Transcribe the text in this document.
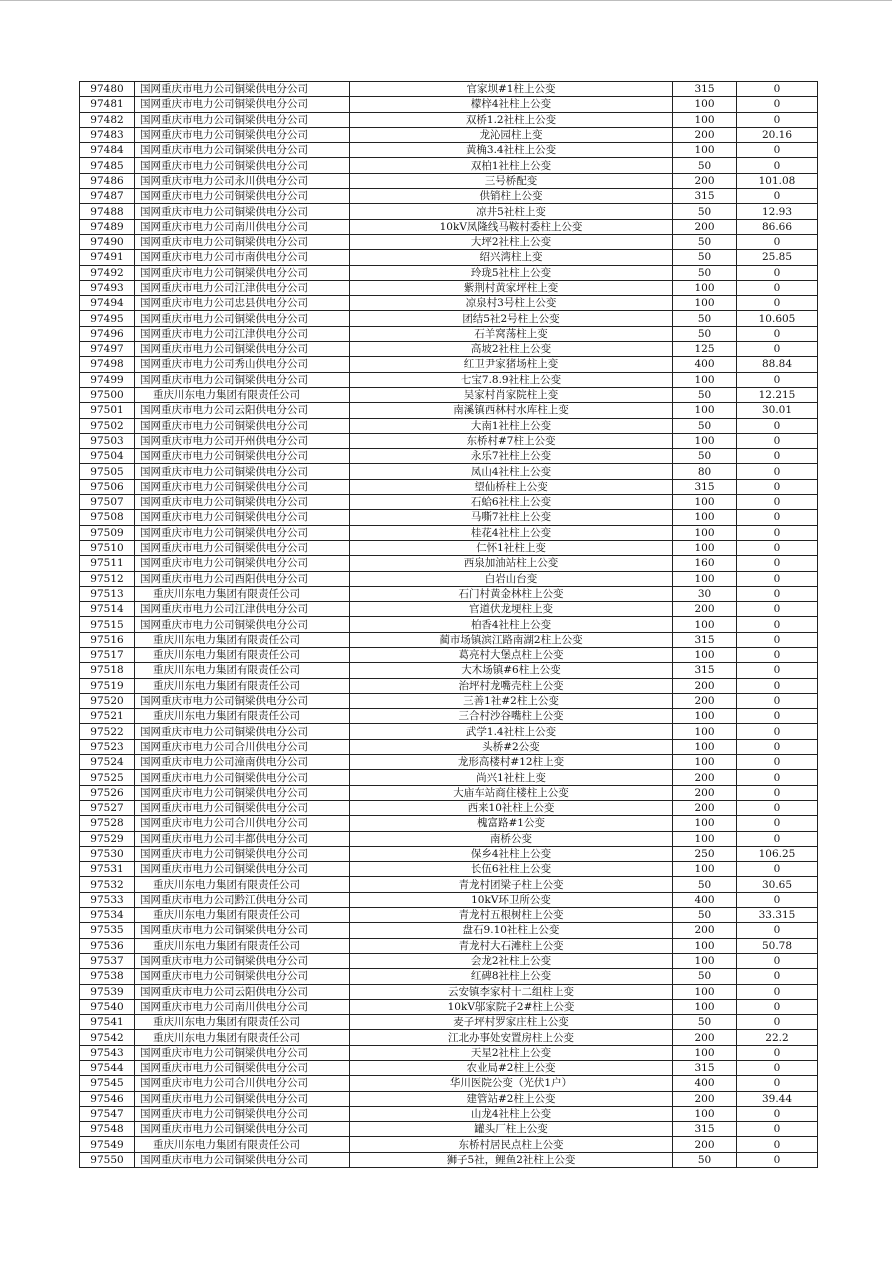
97480	国网重庆市电力公司铜梁供电分公司	官家坝#1柱上公变	315	0
97481	国网重庆市电力公司铜梁供电分公司	檬梓4社柱上公变	100	0
97482	国网重庆市电力公司铜梁供电分公司	双桥1.2社柱上公变	100	0
97483	国网重庆市电力公司铜梁供电分公司	龙沁园柱上变	200	20.16
97484	国网重庆市电力公司铜梁供电分公司	黄桷3.4社柱上公变	100	0
97485	国网重庆市电力公司铜梁供电分公司	双柏1社柱上公变	50	0
97486	国网重庆市电力公司永川供电分公司	三号桥配变	200	101.08
97487	国网重庆市电力公司铜梁供电分公司	供销柱上公变	315	0
97488	国网重庆市电力公司铜梁供电分公司	凉井5社柱上变	50	12.93
97489	国网重庆市电力公司南川供电分公司	10kV凤隆线马鞍村委柱上公变	200	86.66
97490	国网重庆市电力公司铜梁供电分公司	大坪2社柱上公变	50	0
97491	国网重庆市电力公司市南供电分公司	绍兴湾柱上变	50	25.85
97492	国网重庆市电力公司铜梁供电分公司	玲珑5社柱上公变	50	0
97493	国网重庆市电力公司江津供电分公司	紫荆村黄家坪柱上变	100	0
97494	国网重庆市电力公司忠县供电分公司	凉泉村3号柱上公变	100	0
97495	国网重庆市电力公司铜梁供电分公司	团结5社2号柱上公变	50	10.605
97496	国网重庆市电力公司江津供电分公司	石羊窝荡柱上变	50	0
97497	国网重庆市电力公司铜梁供电分公司	高坡2社柱上公变	125	0
97498	国网重庆市电力公司秀山供电分公司	红卫尹家猪场柱上变	400	88.84
97499	国网重庆市电力公司铜梁供电分公司	七宝7.8.9社柱上公变	100	0
97500	重庆川东电力集团有限责任公司	吴家村肖家院柱上变	50	12.215
97501	国网重庆市电力公司云阳供电分公司	南溪镇西林村水库柱上变	100	30.01
97502	国网重庆市电力公司铜梁供电分公司	大南1社柱上公变	50	0
97503	国网重庆市电力公司开州供电分公司	东桥村#7柱上公变	100	0
97504	国网重庆市电力公司铜梁供电分公司	永乐7社柱上公变	50	0
97505	国网重庆市电力公司铜梁供电分公司	凤山4社柱上公变	80	0
97506	国网重庆市电力公司铜梁供电分公司	望仙桥柱上公变	315	0
97507	国网重庆市电力公司铜梁供电分公司	石蛤6社柱上公变	100	0
97508	国网重庆市电力公司铜梁供电分公司	马嘶7社柱上公变	100	0
97509	国网重庆市电力公司铜梁供电分公司	桂花4社柱上公变	100	0
97510	国网重庆市电力公司铜梁供电分公司	仁怀1社柱上变	100	0
97511	国网重庆市电力公司铜梁供电分公司	西泉加油站柱上公变	160	0
97512	国网重庆市电力公司酉阳供电分公司	白岩山台变	100	0
97513	重庆川东电力集团有限责任公司	石门村黄金林柱上公变	30	0
97514	国网重庆市电力公司江津供电分公司	官道伏龙埂柱上变	200	0
97515	国网重庆市电力公司铜梁供电分公司	柏香4社柱上公变	100	0
97516	重庆川东电力集团有限责任公司	蔺市场镇滨江路南湖2柱上公变	315	0
97517	重庆川东电力集团有限责任公司	葛亮村大堡点柱上公变	100	0
97518	重庆川东电力集团有限责任公司	大木场镇#6柱上公变	315	0
97519	重庆川东电力集团有限责任公司	治坪村龙嘴壳柱上公变	200	0
97520	国网重庆市电力公司铜梁供电分公司	三善1社#2柱上公变	200	0
97521	重庆川东电力集团有限责任公司	三合村沙谷嘴柱上公变	100	0
97522	国网重庆市电力公司铜梁供电分公司	武学1.4社柱上公变	100	0
97523	国网重庆市电力公司合川供电分公司	头桥#2公变	100	0
97524	国网重庆市电力公司潼南供电分公司	龙形高楼村#12柱上变	100	0
97525	国网重庆市电力公司铜梁供电分公司	尚兴1社柱上变	200	0
97526	国网重庆市电力公司铜梁供电分公司	大庙车站商住楼柱上公变	200	0
97527	国网重庆市电力公司铜梁供电分公司	西来10社柱上公变	200	0
97528	国网重庆市电力公司合川供电分公司	槐富路#1公变	100	0
97529	国网重庆市电力公司丰都供电分公司	南桥公变	100	0
97530	国网重庆市电力公司铜梁供电分公司	保乡4社柱上公变	250	106.25
97531	国网重庆市电力公司铜梁供电分公司	长伍6社柱上公变	100	0
97532	重庆川东电力集团有限责任公司	青龙村团梁子柱上公变	50	30.65
97533	国网重庆市电力公司黔江供电分公司	10kV环卫所公变	400	0
97534	重庆川东电力集团有限责任公司	青龙村五根树柱上公变	50	33.315
97535	国网重庆市电力公司铜梁供电分公司	盘石9.10社柱上公变	200	0
97536	重庆川东电力集团有限责任公司	青龙村大石滩柱上公变	100	50.78
97537	国网重庆市电力公司铜梁供电分公司	会龙2社柱上公变	100	0
97538	国网重庆市电力公司铜梁供电分公司	红碑8社柱上公变	50	0
97539	国网重庆市电力公司云阳供电分公司	云安镇李家村十二组柱上变	100	0
97540	国网重庆市电力公司南川供电分公司	10kV邬家院子2#柱上公变	100	0
97541	重庆川东电力集团有限责任公司	麦子坪村罗家庄柱上公变	50	0
97542	重庆川东电力集团有限责任公司	江北办事处安置房柱上公变	200	22.2
97543	国网重庆市电力公司铜梁供电分公司	天星2社柱上公变	100	0
97544	国网重庆市电力公司铜梁供电分公司	农业局#2柱上公变	315	0
97545	国网重庆市电力公司合川供电分公司	华川医院公变（光伏1户）	400	0
97546	国网重庆市电力公司铜梁供电分公司	建管站#2柱上公变	200	39.44
97547	国网重庆市电力公司铜梁供电分公司	山龙4社柱上公变	100	0
97548	国网重庆市电力公司铜梁供电分公司	罐头厂柱上公变	315	0
97549	重庆川东电力集团有限责任公司	东桥村居民点柱上公变	200	0
97550	国网重庆市电力公司铜梁供电分公司	狮子5社，鲤鱼2社柱上公变	50	0
